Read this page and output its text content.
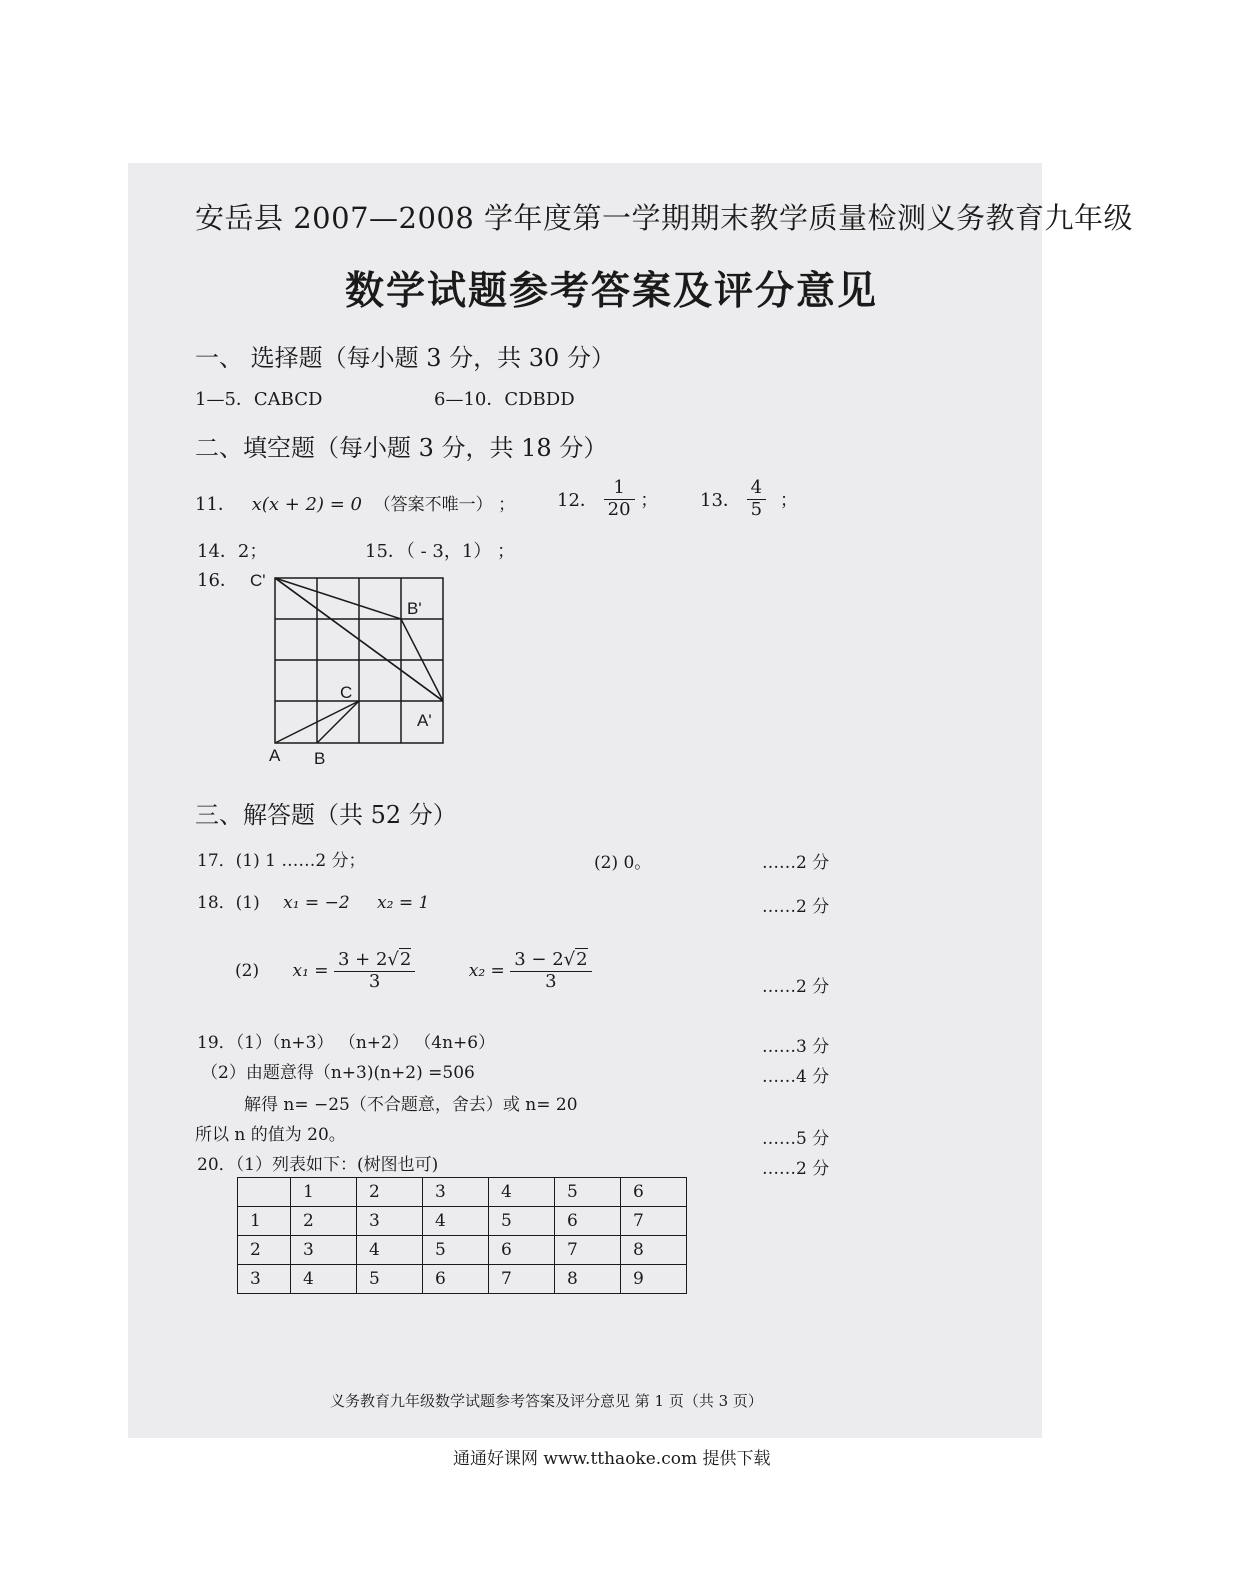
安岳县 2007—2008 学年度第一学期期末教学质量检测义务教育九年级
数学试题参考答案及评分意见
一、 选择题（每小题 3 分，共 30 分）
1—5．CABCD	6—10．CDBDD
二、填空题（每小题 3 分，共 18 分）
11． x(x + 2) = 0 （答案不唯一） ； 12． $\frac{1}{20}$ ； 13． $\frac{4}{5}$ ；
14．2；	15．（ - 3，1） ；
16． C'
B'
C
A'
A B
三、解答题（共 52 分）
17．(1) 1 ……2 分；	(2) 0。	……2 分
18．(1) x₁ = −2 x₂ = 1	……2 分
(2) $x_1 = \frac{3 + 2√2}{3}$	$x_2 = \frac{3 - 2√2}{3}$	……2 分
19．（1）（n+3） （n+2） （4n+6）	……3 分
（2）由题意得（n+3)(n+2) =506	……4 分
解得 n= −25（不合题意，舍去）或 n= 20
所以 n 的值为 20。	……5 分
20．（1）列表如下：(树图也可)	……2 分
	1	2	3	4	5	6
1	2	3	4	5	6	7
2	3	4	5	6	7	8
3	4	5	6	7	8	9
义务教育九年级数学试题参考答案及评分意见 第 1 页（共 3 页）
通通好课网 www.tthaoke.com 提供下载
